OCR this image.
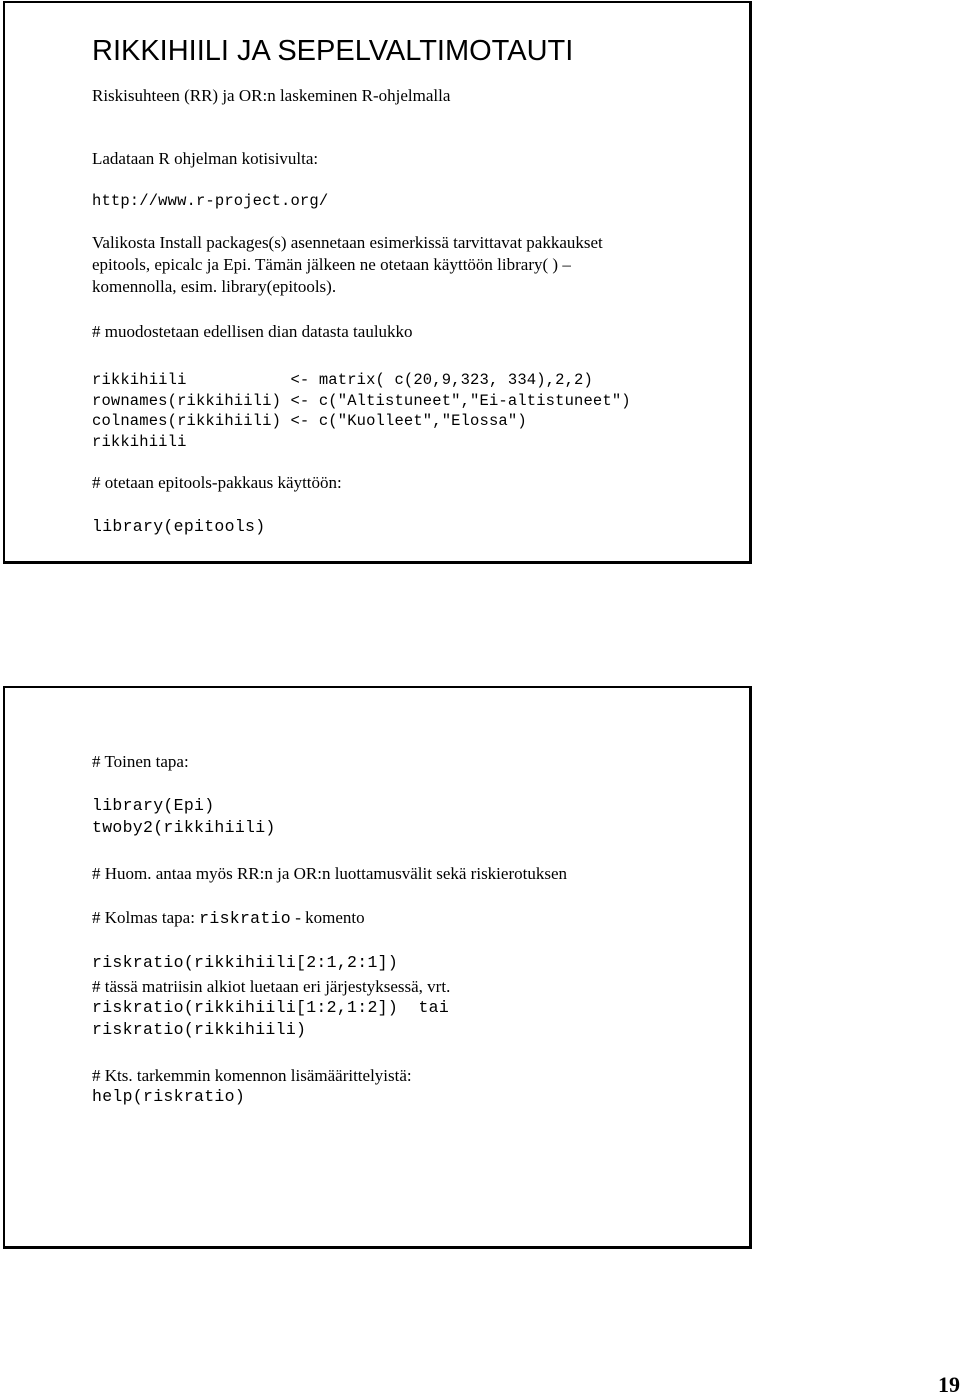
RIKKIHIILI JA SEPELVALTIMOTAUTI
Riskisuhteen (RR) ja OR:n laskeminen R-ohjelmalla
Ladataan R ohjelman kotisivulta:
http://www.r-project.org/
Valikosta Install packages(s) asennetaan esimerkissä tarvittavat pakkaukset
epitools, epicalc ja Epi. Tämän jälkeen ne otetaan käyttöön library( ) –
komennolla, esim. library(epitools).
# muodostetaan edellisen dian datasta taulukko
rikkihiili           <- matrix( c(20,9,323, 334),2,2)
rownames(rikkihiili) <- c("Altistuneet","Ei-altistuneet")
colnames(rikkihiili) <- c("Kuolleet","Elossa")
rikkihiili
# otetaan epitools-pakkaus käyttöön:
library(epitools)
# Toinen tapa:
library(Epi)
twoby2(rikkihiili)
# Huom. antaa myös RR:n ja OR:n luottamusvälit sekä riskierotuksen
# Kolmas tapa: riskratio - komento
riskratio(rikkihiili[2:1,2:1])
# tässä matriisin alkiot luetaan eri järjestyksessä, vrt.
riskratio(rikkihiili[1:2,1:2])  tai
riskratio(rikkihiili)
# Kts. tarkemmin komennon lisämäärittelyistä:
help(riskratio)
19
